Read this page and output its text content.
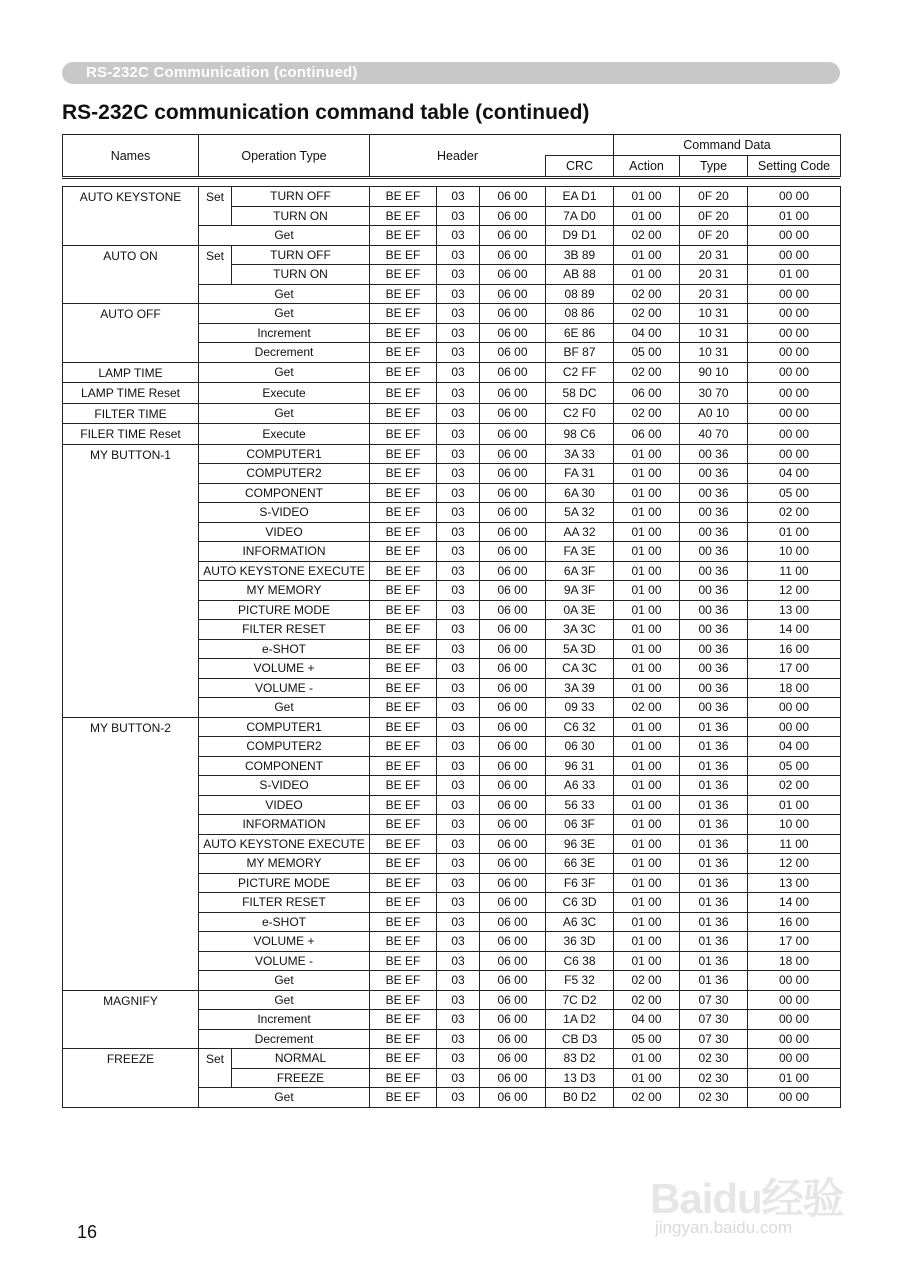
RS-232C Communication (continued)
RS-232C communication command table (continued)
Names	Operation Type	Header		Command Data		
			CRC	Action	Type	Setting Code
AUTO KEYSTONE	Set	TURN OFF	BE EF	03	06 00	EA D1	01 00	0F 20	00 00
		TURN ON	BE EF	03	06 00	7A D0	01 00	0F 20	01 00
	Get		BE EF	03	06 00	D9 D1	02 00	0F 20	00 00
AUTO ON	Set	TURN OFF	BE EF	03	06 00	3B 89	01 00	20 31	00 00
		TURN ON	BE EF	03	06 00	AB 88	01 00	20 31	01 00
	Get		BE EF	03	06 00	08 89	02 00	20 31	00 00
AUTO OFF	Get		BE EF	03	06 00	08 86	02 00	10 31	00 00
	Increment		BE EF	03	06 00	6E 86	04 00	10 31	00 00
	Decrement		BE EF	03	06 00	BF 87	05 00	10 31	00 00
LAMP TIME	Get		BE EF	03	06 00	C2 FF	02 00	90 10	00 00
LAMP TIME Reset	Execute		BE EF	03	06 00	58 DC	06 00	30 70	00 00
FILTER TIME	Get		BE EF	03	06 00	C2 F0	02 00	A0 10	00 00
FILER TIME Reset	Execute		BE EF	03	06 00	98 C6	06 00	40 70	00 00
MY BUTTON-1	COMPUTER1		BE EF	03	06 00	3A 33	01 00	00 36	00 00
	COMPUTER2		BE EF	03	06 00	FA 31	01 00	00 36	04 00
	COMPONENT		BE EF	03	06 00	6A 30	01 00	00 36	05 00
	S-VIDEO		BE EF	03	06 00	5A 32	01 00	00 36	02 00
	VIDEO		BE EF	03	06 00	AA 32	01 00	00 36	01 00
	INFORMATION		BE EF	03	06 00	FA 3E	01 00	00 36	10 00
	AUTO KEYSTONE EXECUTE		BE EF	03	06 00	6A 3F	01 00	00 36	11 00
	MY MEMORY		BE EF	03	06 00	9A 3F	01 00	00 36	12 00
	PICTURE MODE		BE EF	03	06 00	0A 3E	01 00	00 36	13 00
	FILTER RESET		BE EF	03	06 00	3A 3C	01 00	00 36	14 00
	e-SHOT		BE EF	03	06 00	5A 3D	01 00	00 36	16 00
	VOLUME +		BE EF	03	06 00	CA 3C	01 00	00 36	17 00
	VOLUME -		BE EF	03	06 00	3A 39	01 00	00 36	18 00
	Get		BE EF	03	06 00	09 33	02 00	00 36	00 00
MY BUTTON-2	COMPUTER1		BE EF	03	06 00	C6 32	01 00	01 36	00 00
	COMPUTER2		BE EF	03	06 00	06 30	01 00	01 36	04 00
	COMPONENT		BE EF	03	06 00	96 31	01 00	01 36	05 00
	S-VIDEO		BE EF	03	06 00	A6 33	01 00	01 36	02 00
	VIDEO		BE EF	03	06 00	56 33	01 00	01 36	01 00
	INFORMATION		BE EF	03	06 00	06 3F	01 00	01 36	10 00
	AUTO KEYSTONE EXECUTE		BE EF	03	06 00	96 3E	01 00	01 36	11 00
	MY MEMORY		BE EF	03	06 00	66 3E	01 00	01 36	12 00
	PICTURE MODE		BE EF	03	06 00	F6 3F	01 00	01 36	13 00
	FILTER RESET		BE EF	03	06 00	C6 3D	01 00	01 36	14 00
	e-SHOT		BE EF	03	06 00	A6 3C	01 00	01 36	16 00
	VOLUME +		BE EF	03	06 00	36 3D	01 00	01 36	17 00
	VOLUME -		BE EF	03	06 00	C6 38	01 00	01 36	18 00
	Get		BE EF	03	06 00	F5 32	02 00	01 36	00 00
MAGNIFY	Get		BE EF	03	06 00	7C D2	02 00	07 30	00 00
	Increment		BE EF	03	06 00	1A D2	04 00	07 30	00 00
	Decrement		BE EF	03	06 00	CB D3	05 00	07 30	00 00
FREEZE	Set	NORMAL	BE EF	03	06 00	83 D2	01 00	02 30	00 00
		FREEZE	BE EF	03	06 00	13 D3	01 00	02 30	01 00
	Get		BE EF	03	06 00	B0 D2	02 00	02 30	00 00
16
Baidu经验
jingyan.baidu.com
